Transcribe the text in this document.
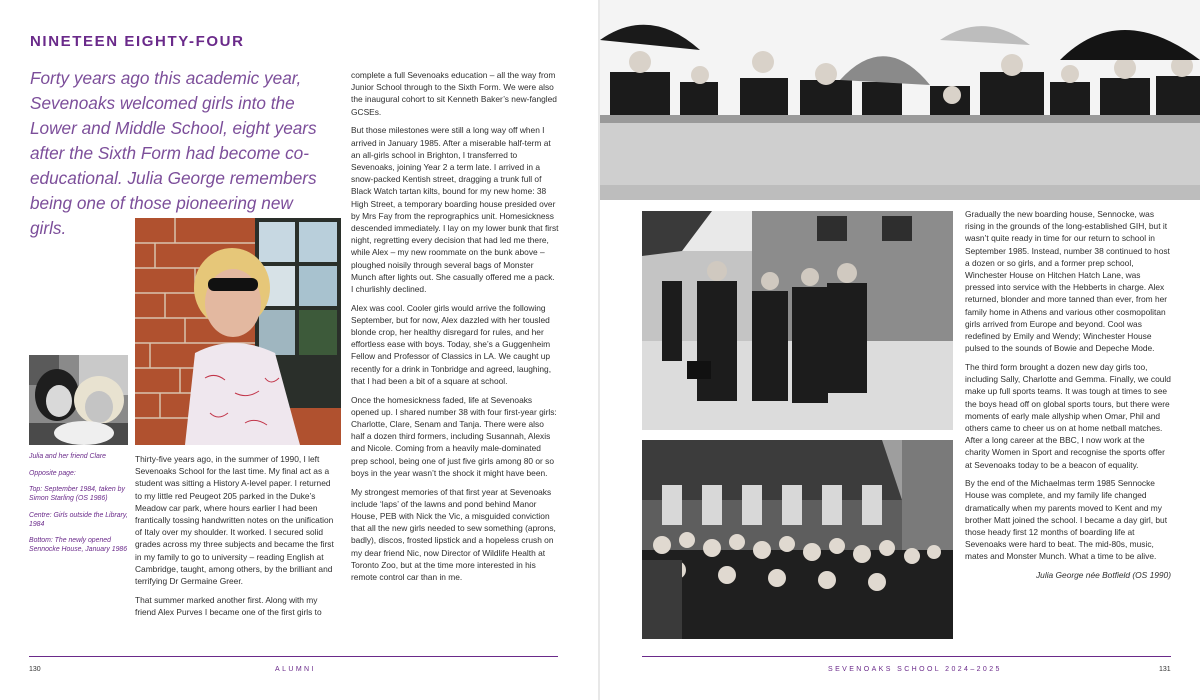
NINETEEN EIGHTY-FOUR
Forty years ago this academic year, Sevenoaks welcomed girls into the Lower and Middle School, eight years after the Sixth Form had become co-educational. Julia George remembers being one of those pioneering new girls.

Julia and her friend Clare

Opposite page:

Top: September 1984, taken by Simon Starling (OS 1986)

Centre: Girls outside the Library, 1984

Bottom: The newly opened Sennocke House, January 1986

Thirty-five years ago, in the summer of 1990, I left Sevenoaks School for the last time. My final act as a student was sitting a History A-level paper. I returned to my little red Peugeot 205 parked in the Duke’s Meadow car park, where hours earlier I had been frantically tossing handwritten notes on the unification of Italy over my shoulder. It worked. I secured solid grades across my three subjects and became the first in my family to go to university – reading English at Cambridge, taught, among others, by the brilliant and terrifying Dr Germaine Greer.

That summer marked another first. Along with my friend Alex Purves I became one of the first girls to

complete a full Sevenoaks education – all the way from Junior School through to the Sixth Form. We were also the inaugural cohort to sit Kenneth Baker’s new-fangled GCSEs.

But those milestones were still a long way off when I arrived in January 1985. After a miserable half-term at an all-girls school in Brighton, I transferred to Sevenoaks, joining Year 2 a term late. I arrived in a snow-packed Kentish street, dragging a trunk full of Black Watch tartan kilts, bound for my new home: 38 High Street, a temporary boarding house presided over by Mrs Fay from the reprographics unit. Homesickness descended immediately. I lay on my lower bunk that first night, regretting every decision that had led me there, while Alex – my new roommate on the bunk above – ploughed noisily through several bags of Monster Munch after lights out. She casually offered me a pack. I churlishly declined.

Alex was cool. Cooler girls would arrive the following September, but for now, Alex dazzled with her tousled blonde crop, her healthy disregard for rules, and her effortless ease with boys. Today, she’s a Guggenheim Fellow and Professor of Classics in LA. We caught up recently for a drink in Tonbridge and agreed, laughing, that I had been a bit of a square at school.

Once the homesickness faded, life at Sevenoaks opened up. I shared number 38 with four first-year girls: Charlotte, Clare, Senam and Tanja. There were also half a dozen third formers, including Susannah, Alexis and Nicole. Coming from a heavily male-dominated prep school, being one of just five girls among 80 or so boys in the year wasn’t the shock it might have been.

My strongest memories of that first year at Sevenoaks include ‘laps’ of the lawns and pond behind Manor House, PEB with Nick the Vic, a misguided conviction that all the new girls needed to sew something (aprons, badly), discos, frosted lipstick and a hopeless crush on my dear friend Nic, now Director of Wildlife Health at Toronto Zoo, but at the time more interested in his remote control car than in me.

130	ALUMNI	SEVENOAKS SCHOOL 2024–2025	131

Gradually the new boarding house, Sennocke, was rising in the grounds of the long-established GIH, but it wasn’t quite ready in time for our return to school in September 1985. Instead, number 38 continued to host a dozen or so girls, and a former prep school, Winchester House on Hitchen Hatch Lane, was pressed into service with the Hebberts in charge. Alex returned, blonder and more tanned than ever, from her family home in Athens and various other cosmopolitan girls arrived from Europe and beyond. Cool was redefined by Emily and Wendy; Winchester House pulsed to the sounds of Bowie and Depeche Mode.

The third form brought a dozen new day girls too, including Sally, Charlotte and Gemma. Finally, we could make up full sports teams. It was tough at times to see the boys head off on global sports tours, but there were moments of early male allyship when Omar, Phil and others came to cheer us on at home netball matches. After a long career at the BBC, I now work at the charity Women in Sport and recognise the sports offer at Sevenoaks today to be a beacon of equality.

By the end of the Michaelmas term 1985 Sennocke House was complete, and my family life changed dramatically when my parents moved to Kent and my brother Matt joined the school. I became a day girl, but those heady first 12 months of boarding life at Sevenoaks were hard to beat. The mid-80s, music, mates and Monster Munch. What a time to be alive.

Julia George née Botfield (OS 1990)
